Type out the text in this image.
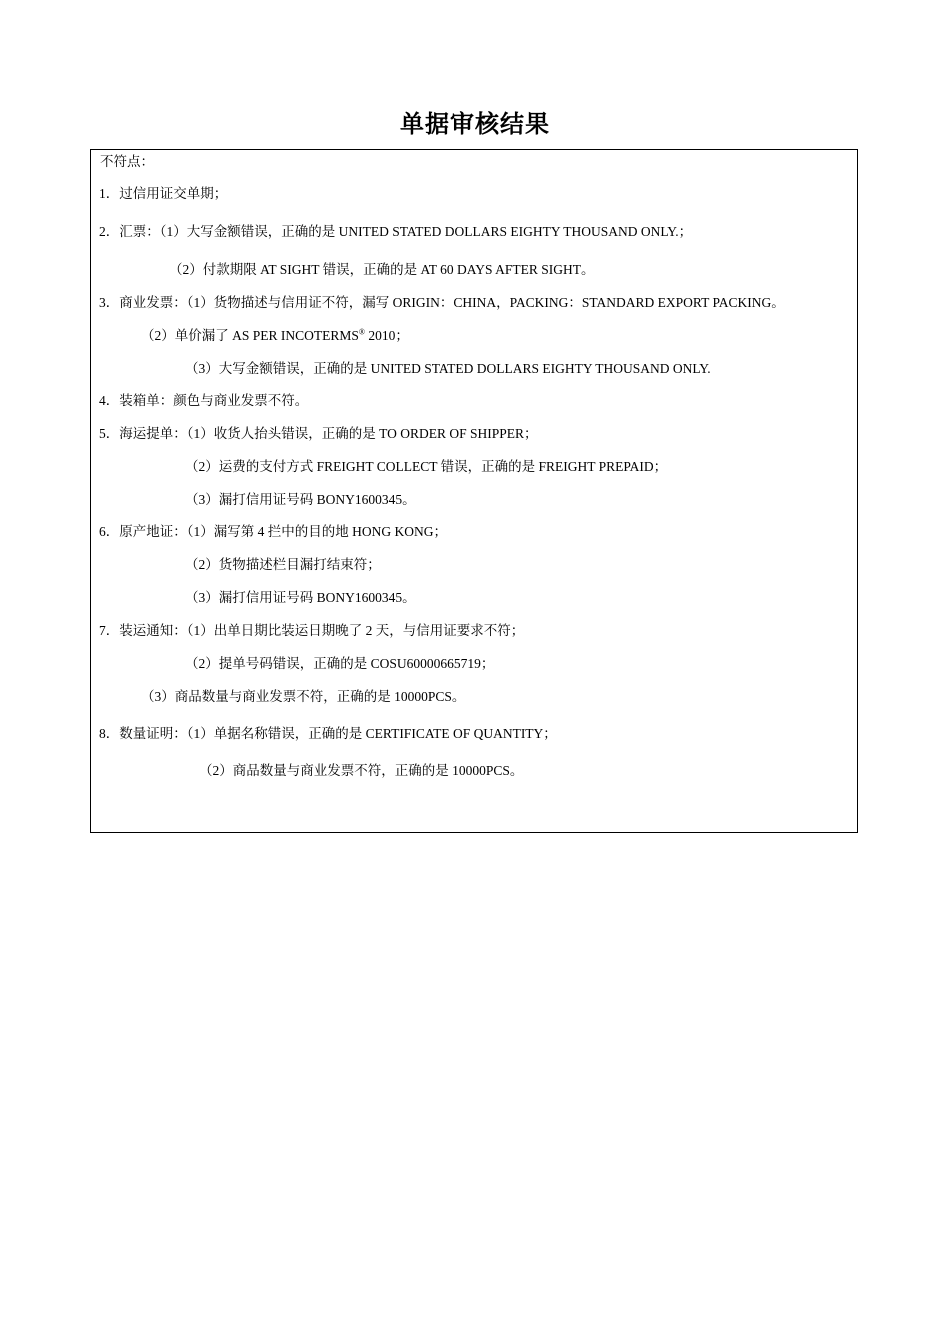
单据审核结果
不符点：
1．过信用证交单期；
2．汇票：（1）大写金额错误，正确的是 UNITED STATED DOLLARS EIGHTY THOUSAND ONLY.；
（2）付款期限 AT SIGHT 错误，正确的是 AT 60 DAYS AFTER SIGHT。
3．商业发票：（1）货物描述与信用证不符，漏写 ORIGIN：CHINA，PACKING：STANDARD EXPORT PACKING。
（2）单价漏了 AS PER INCOTERMS® 2010；
（3）大写金额错误，正确的是 UNITED STATED DOLLARS EIGHTY THOUSAND ONLY.
4．装箱单：颜色与商业发票不符。
5．海运提单：（1）收货人抬头错误，正确的是 TO ORDER OF SHIPPER；
（2）运费的支付方式 FREIGHT COLLECT 错误，正确的是 FREIGHT PREPAID；
（3）漏打信用证号码 BONY1600345。
6．原产地证：（1）漏写第 4 拦中的目的地 HONG KONG；
（2）货物描述栏目漏打结束符；
（3）漏打信用证号码 BONY1600345。
7．装运通知：（1）出单日期比装运日期晚了 2 天，与信用证要求不符；
（2）提单号码错误，正确的是 COSU60000665719；
（3）商品数量与商业发票不符，正确的是 10000PCS。
8．数量证明：（1）单据名称错误，正确的是 CERTIFICATE OF QUANTITY；
（2）商品数量与商业发票不符，正确的是 10000PCS。
